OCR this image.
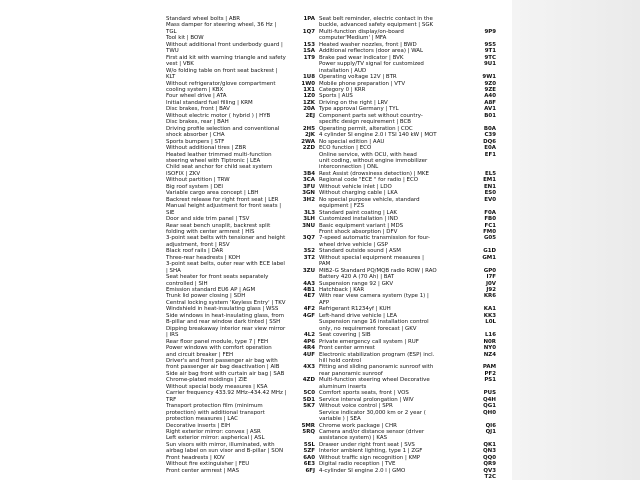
Standard wheel bolts | ABR
Mass damper for steering wheel, 36 Hz |
TGL
Tool kit | BOW
Without additional front underbody guard |
TWU
First aid kit with warning triangle and safety
vest | VBK
W/o folding table on front seat backrest |
KLT
Without refrigerator/glove compartment
cooling system | KBX
Four wheel drive | ATA
Initial standard fuel filling | KRM
Disc brakes, front | BAV
Without electric motor ( hybrid ) | HYB
Disc brakes, rear | BAH
Driving profile selection and conventional
shock absorber | CHA
Sports bumpers | STF
Without additional tires | ZBR
Heated leather trimmed multi-function
steering wheel with Tiptronic | LEA
Child seat anchor for child seat system
ISOFIX | ZKV
Without partition | TRW
Big roof system | DEI
Variable cargo area concept | LBH
Backrest release for right front seat | LER
Manual height adjustment for front seats |
SIE
Door and side trim panel | TSV
Rear seat bench unsplit, backrest split
folding with center armrest | HIS
3-point seat belts with tensioner and height
adjustment, front | RSV
Black roof rails | DAR
Three-rear headrests | KOH
3-point seat belts, outer rear with ECE label
| SHA
Seat heater for front seats separately
controlled | SIH
Emission standard EU6 AP | AGM
Trunk lid power closing | SDH
Central locking system 'Keyless Entry' | TKV
Windshield in heat-insulating glass | WSS
Side windows in heat-insulating glass, from
B-pillar and rear window dark tinted | SSH
Dipping breakaway interior rear view mirror
| IRS
Rear floor panel module, type 7 | FEH
Power windows with comfort operation
and circuit breaker | FEH
Driver's and front passenger air bag with
front passenger air bag deactivation | AIB
Side air bag front with curtain air bag | SAB
Chrome-plated moldings | ZIE
Without special body measures | KSA
Carrier frequency 433.92 MHz–434.42 MHz |
TRF
Transport protection film (minimum
protection) with additional transport
protection measures | LAC
Decorative inserts | EIH
Right exterior mirror: convex | ASR
Left exterior mirror: aspherical | ASL
Sun visors with mirror, illuminated, with
airbag label on sun visor and B-pillar | SON
Front headrests | KOV
Without fire extinguisher | FEU
Front center armrest | MAS
1PA Seat belt reminder, electric contact in the
buckle, advanced safety equipment | SGK
9P9
1Q7 Multi-function display/on-board
computer'Medium' | MFA
9S5
1S3 Heated washer nozzles, front | BWD
9T1
1SA Additional reflectors (door area) | WAL
9TC
1T9 Brake pad wear indicator | BVK
9U1
Power supply/TV signal for customized
installation | AUD
9W1
1U8 Operating voltage 12V | BTR
9Z0
1W0 Mobile phone preparation | VTV
9ZE
1X1 Category 0 | KRR
A40
1Z0 Sports | AUS
A8F
1ZK Driving on the right | LRV
AV1
20A Type approval Germany | TYL
B01
2EJ Component parts set without country-
specific design requirement | BCB
B0A
2H5 Operating permit, alteration | COC
C39
2JK 4 cylinder SI engine 2.0 l TSI 140 kW | MOT
DQ6
2WA No special edition | AAU
E0A
2ZD ECO function | ECO
EF1
Online service, with OCU, with head
unit coding, without engine immobilizer
interconnection | ONL
EL5
3B4 Rest Assist (drowsiness detection) | MKE
EM1
3CA Regional code "ECE " for radio | ECO
EN1
3FU Without vehicle inlet | LDO
ES0
3GN Without charging cable | LKA
EV0
3H2 No special purpose vehicle, standard
equipment | FZS
F0A
3L3 Standard paint coating | LAK
FB0
3LH Customized installation | IND
FC1
3NU Basic equipment variant | MDS
FM0
Front shock absorption | DFV
G05
3Q7 7-speed automatic transmission for four-
wheel drive vehicle | GSP
G1D
3S2 Standard outside sound | ASM
GM1
3T2 Without special equipment measures |
PAM
GP0
3ZU MIB2-G Standard PQ/MQB radio ROW | RAO
I7F
Battery 420 A (70 Ah) | BAT
J0V
4A3 Suspension range 92 | GKV
J92
4B1 Hatchback | KAR
KR6
4E7 With rear view camera system (type 1) |
AFP
KA1
4F2 Refrigerant R1234yf | KUH
KK3
4GF Left-hand drive vehicle | LEA
L0L
Suspension range 16 installation control
only, no requirement forecast | GKV
L16
4L2 Seat covering | SIB
N0R
4P6 Private emergency call system | RUF
NY0
4R4 Front center armrest
NZ4
4UF Electronic stabilization program (ESP) incl.
hill hold control
PAM
PF2
4X3 Fitting and sliding panoramic sunroof with
rear panoramic sunroof
PS1
4ZD Multi-function steering wheel Decorative
aluminum inserts
PUS
5C0 Comfort sports seats, front | VOS
Q4H
5D1 Service interval prolongation | WIV
QG1
5K7 Without voice control | SPR
QH0
Service indicator 30,000 km or 2 year (
variable ) | SEA
QI6
5MR Chrome work package | CHR
QJ1
5RQ Camera and/or distance sensor (driver
assistance system) | KAS
QK1
5SL Drawer under right front seat | SVS
QN3
5ZF Interior ambient lighting, type 1 | ZGF
QQ0
6A0 Without traffic sign recognition | KMP
QR9
6E3 Digital radio reception | TVE
QV3
6FJ 4-cylinder SI engine 2.0 l | GMO
T2C
